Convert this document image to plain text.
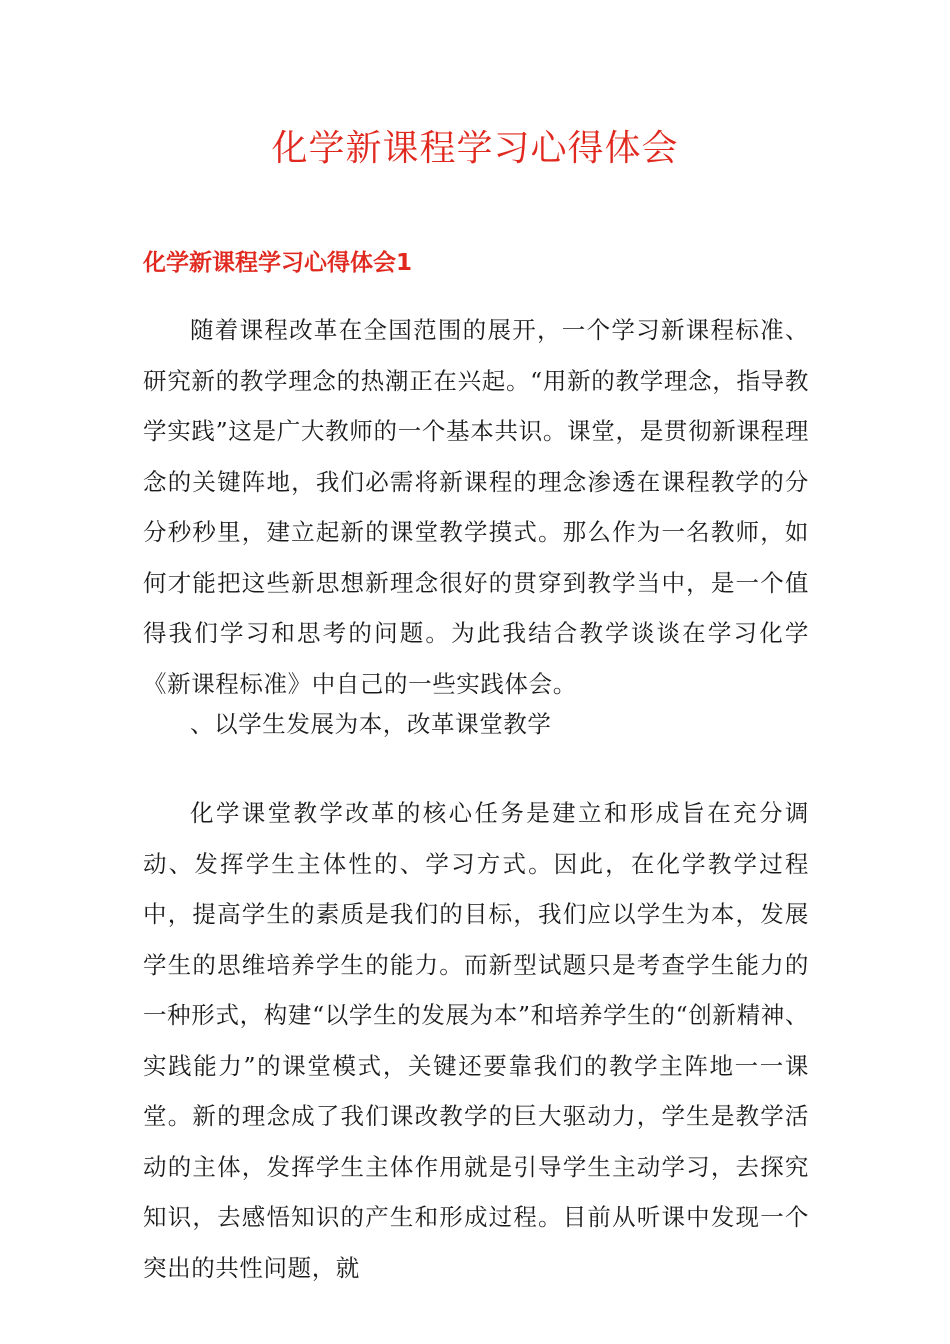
化学新课程学习心得体会
化学新课程学习心得体会1

随着课程改革在全国范围的展开，一个学习新课程标准、研究新的教学理念的热潮正在兴起。“用新的教学理念，指导教学实践”这是广大教师的一个基本共识。课堂，是贯彻新课程理念的关键阵地，我们必需将新课程的理念渗透在课程教学的分分秒秒里，建立起新的课堂教学摸式。那么作为一名教师，如何才能把这些新思想新理念很好的贯穿到教学当中，是一个值得我们学习和思考的问题。为此我结合教学谈谈在学习化学《新课程标准》中自己的一些实践体会。

、以学生发展为本，改革课堂教学

化学课堂教学改革的核心任务是建立和形成旨在充分调动、发挥学生主体性的、学习方式。因此，在化学教学过程中，提高学生的素质是我们的目标，我们应以学生为本，发展学生的思维培养学生的能力。而新型试题只是考查学生能力的一种形式，构建“以学生的发展为本”和培养学生的“创新精神、实践能力”的课堂模式，关键还要靠我们的教学主阵地一一课堂。新的理念成了我们课改教学的巨大驱动力，学生是教学活动的主体，发挥学生主体作用就是引导学生主动学习，去探究知识，去感悟知识的产生和形成过程。目前从听课中发现一个突出的共性问题，就
